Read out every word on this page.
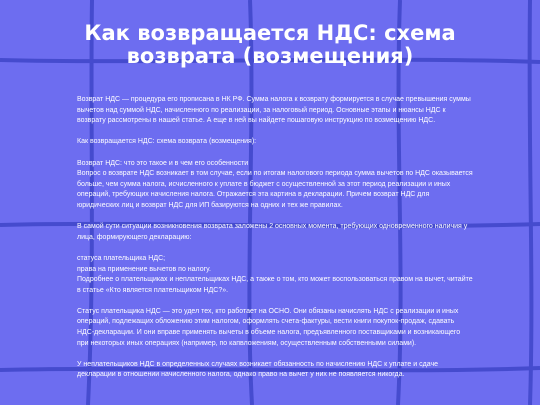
Как возвращается НДС: схема возврата (возмещения)

Возврат НДС — процедура его прописана в НК РФ. Сумма налога к возврату формируется в случае превышения суммы вычетов над суммой НДС, начисленного по реализации, за налоговый период. Основные этапы и нюансы НДС к возврату рассмотрены в нашей статье. А еще в ней вы найдете пошаговую инструкцию по возмещению НДС.

Как возвращается НДС: схема возврата (возмещения):

Возврат НДС: что это такое и в чем его особенности

Вопрос о возврате НДС возникает в том случае, если по итогам налогового периода сумма вычетов по НДС оказывается больше, чем сумма налога, исчисленного к уплате в бюджет с осуществленной за этот период реализации и иных операций, требующих начисления налога. Отражается эта картина в декларации. Причем возврат НДС для юридических лиц и возврат НДС для ИП базируются на одних и тех же правилах.

В самой сути ситуации возникновения возврата заложены 2 основных момента, требующих одновременного наличия у лица, формирующего декларацию:

статуса плательщика НДС;

права на применение вычетов по налогу.

Подробнее о плательщиках и неплательщиках НДС, а также о том, кто может воспользоваться правом на вычет, читайте в статье «Кто является плательщиком НДС?».

Статус плательщика НДС — это удел тех, кто работает на ОСНО. Они обязаны начислять НДС с реализации и иных операций, подлежащих обложению этим налогом, оформлять счета-фактуры, вести книги покупок-продаж, сдавать НДС-декларации. И они вправе применять вычеты в объеме налога, предъявленного поставщиками и возникающего при некоторых иных операциях (например, по капвложениям, осуществленным собственными силами).

У неплательщиков НДС в определенных случаях возникает обязанность по начислению НДС к уплате и сдаче декларации в отношении начисленного налога, однако право на вычет у них не появляется никогда.
